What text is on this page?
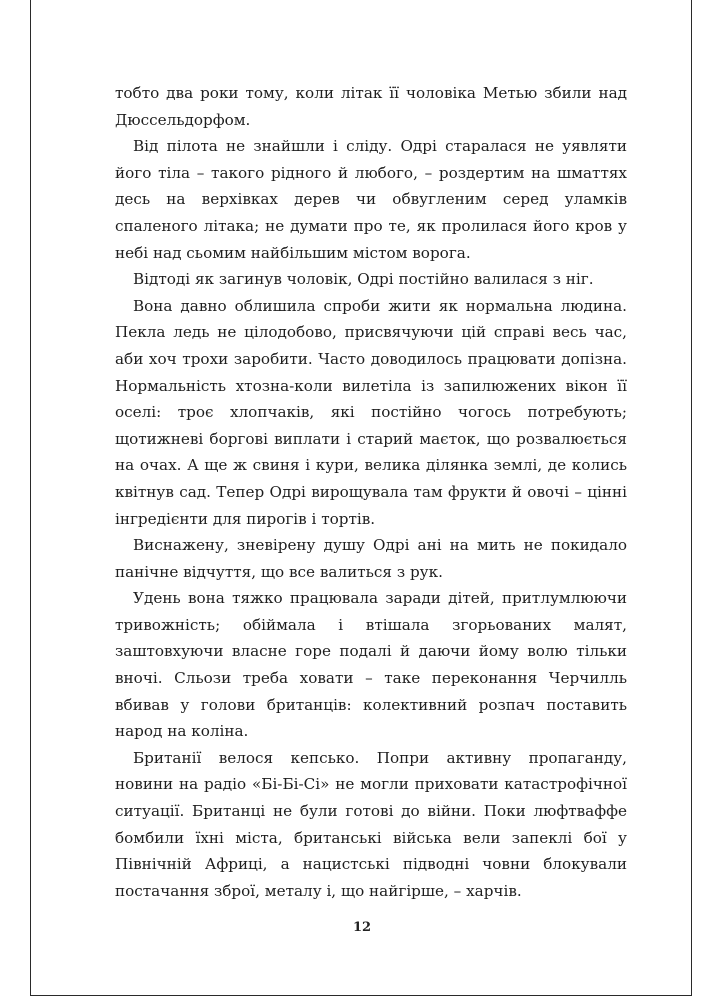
тобто два роки тому, коли літак її чоловіка Метью збили над Дюссельдорфом.

Від пілота не знайшли і сліду. Одрі старалася не уявляти його тіла – такого рідного й любого, – роздертим на шматтях десь на верхівках дерев чи обвугленим серед уламків спаленого літака; не думати про те, як пролилася його кров у небі над сьомим найбільшим містом ворога.

Відтоді як загинув чоловік, Одрі постійно валилася з ніг.

Вона давно облишила спроби жити як нормальна людина. Пекла ледь не цілодобово, присвячуючи цій справі весь час, аби хоч трохи заробити. Часто доводилось працювати допізна. Нормальність хтозна-коли вилетіла із запилюжених вікон її оселі: троє хлопчаків, які постійно чогось потребують; щотижневі боргові виплати і старий маєток, що розвалюється на очах. А ще ж свиня і кури, велика ділянка землі, де колись квітнув сад. Тепер Одрі вирощувала там фрукти й овочі – цінні інгредієнти для пирогів і тортів.

Виснажену, зневірену душу Одрі ані на мить не покидало панічне відчуття, що все валиться з рук.

Удень вона тяжко працювала заради дітей, притлумлюючи тривожність; обіймала і втішала згорьованих малят, заштовхуючи власне горе подалі й даючи йому волю тільки вночі. Сльози треба ховати – таке переконання Черчилль вбивав у голови британців: колективний розпач поставить народ на коліна.

Британії велося кепсько. Попри активну пропаганду, новини на радіо «Бі-Бі-Сі» не могли приховати катастрофічної ситуації. Британці не були готові до війни. Поки люфтваффе бомбили їхні міста, британські війська вели запеклі бої у Північній Африці, а нацистські підводні човни блокували постачання зброї, металу і, що найгірше, – харчів.

12
